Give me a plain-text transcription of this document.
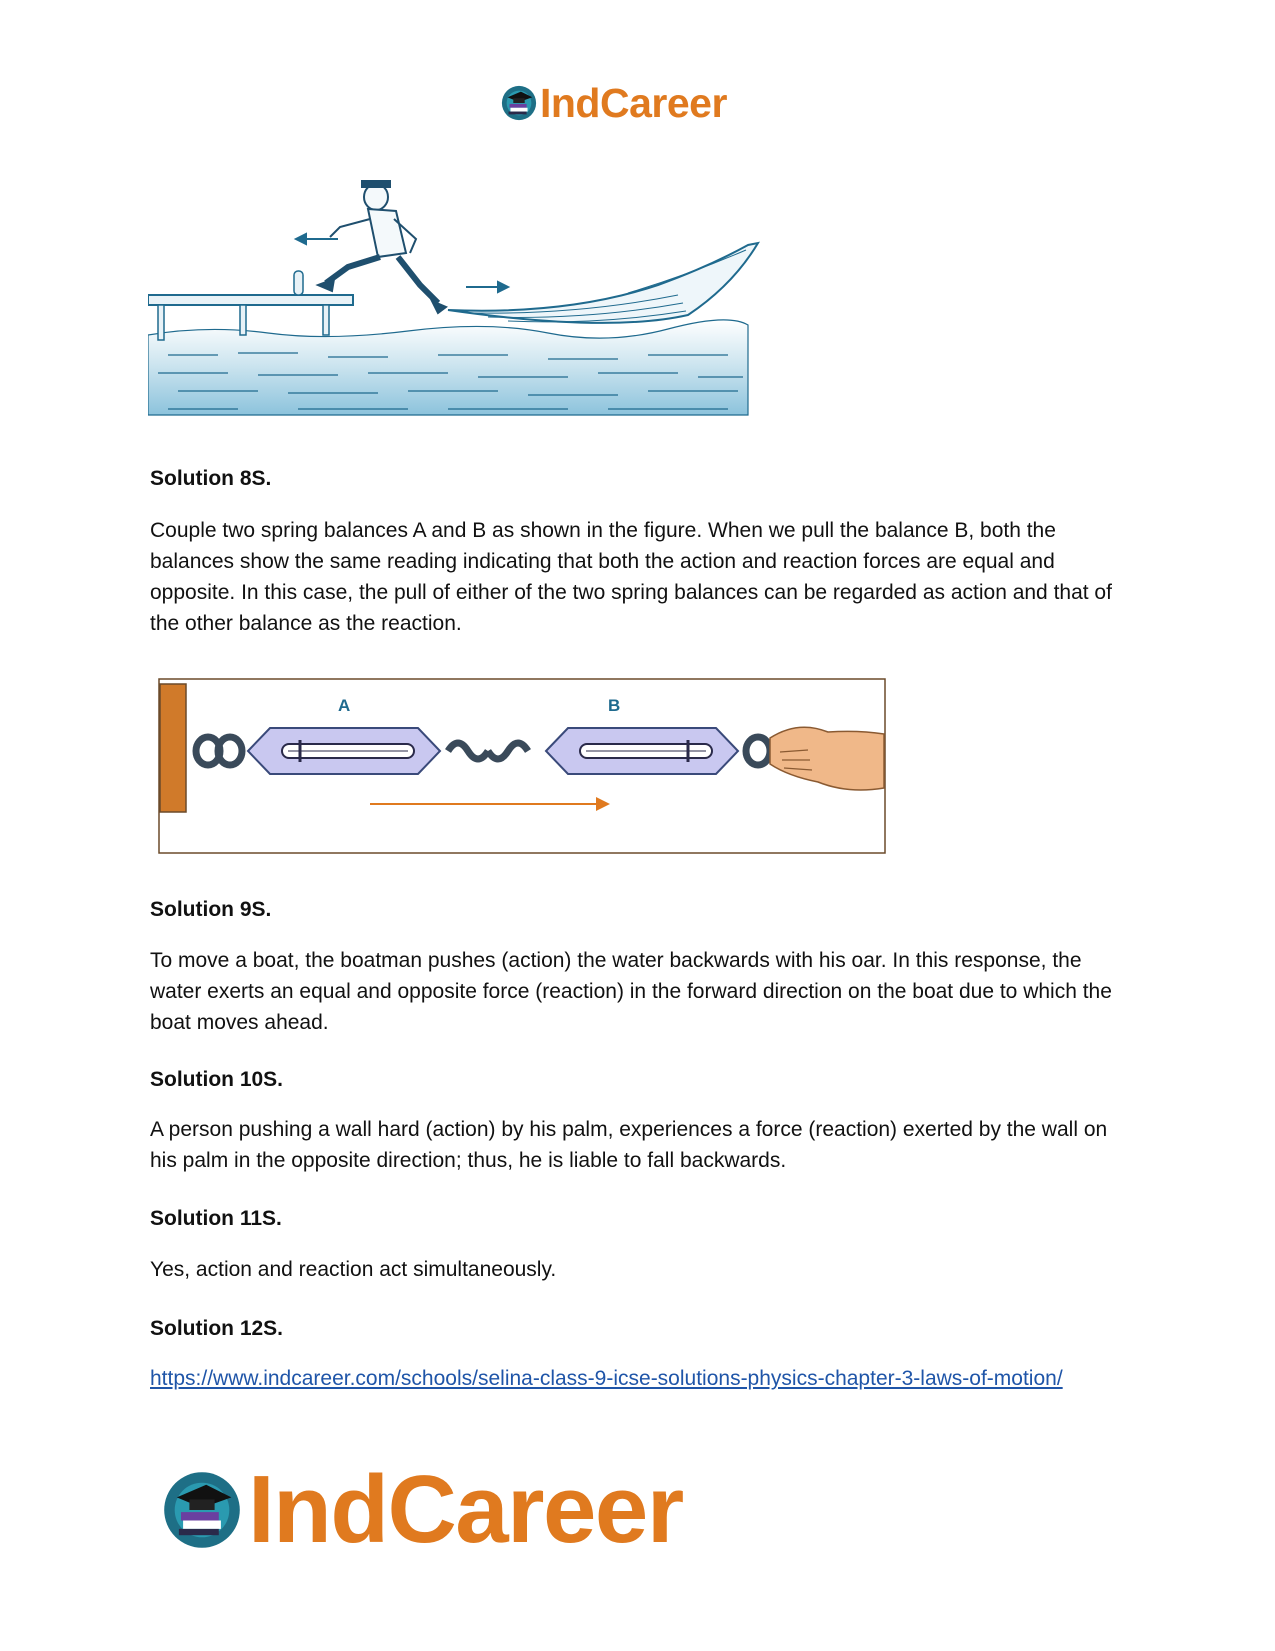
IndCareer
Solution 8S.
Couple two spring balances A and B as shown in the figure. When we pull the balance B, both the balances show the same reading indicating that both the action and reaction forces are equal and opposite. In this case, the pull of either of the two spring balances can be regarded as action and that of the other balance as the reaction.
A	B
Solution 9S.
To move a boat, the boatman pushes (action) the water backwards with his oar. In this response, the water exerts an equal and opposite force (reaction) in the forward direction on the boat due to which the boat moves ahead.
Solution 10S.
A person pushing a wall hard (action) by his palm, experiences a force (reaction) exerted by the wall on his palm in the opposite direction; thus, he is liable to fall backwards.
Solution 11S.
Yes, action and reaction act simultaneously.
Solution 12S.
https://www.indcareer.com/schools/selina-class-9-icse-solutions-physics-chapter-3-laws-of-motion/
IndCareer
